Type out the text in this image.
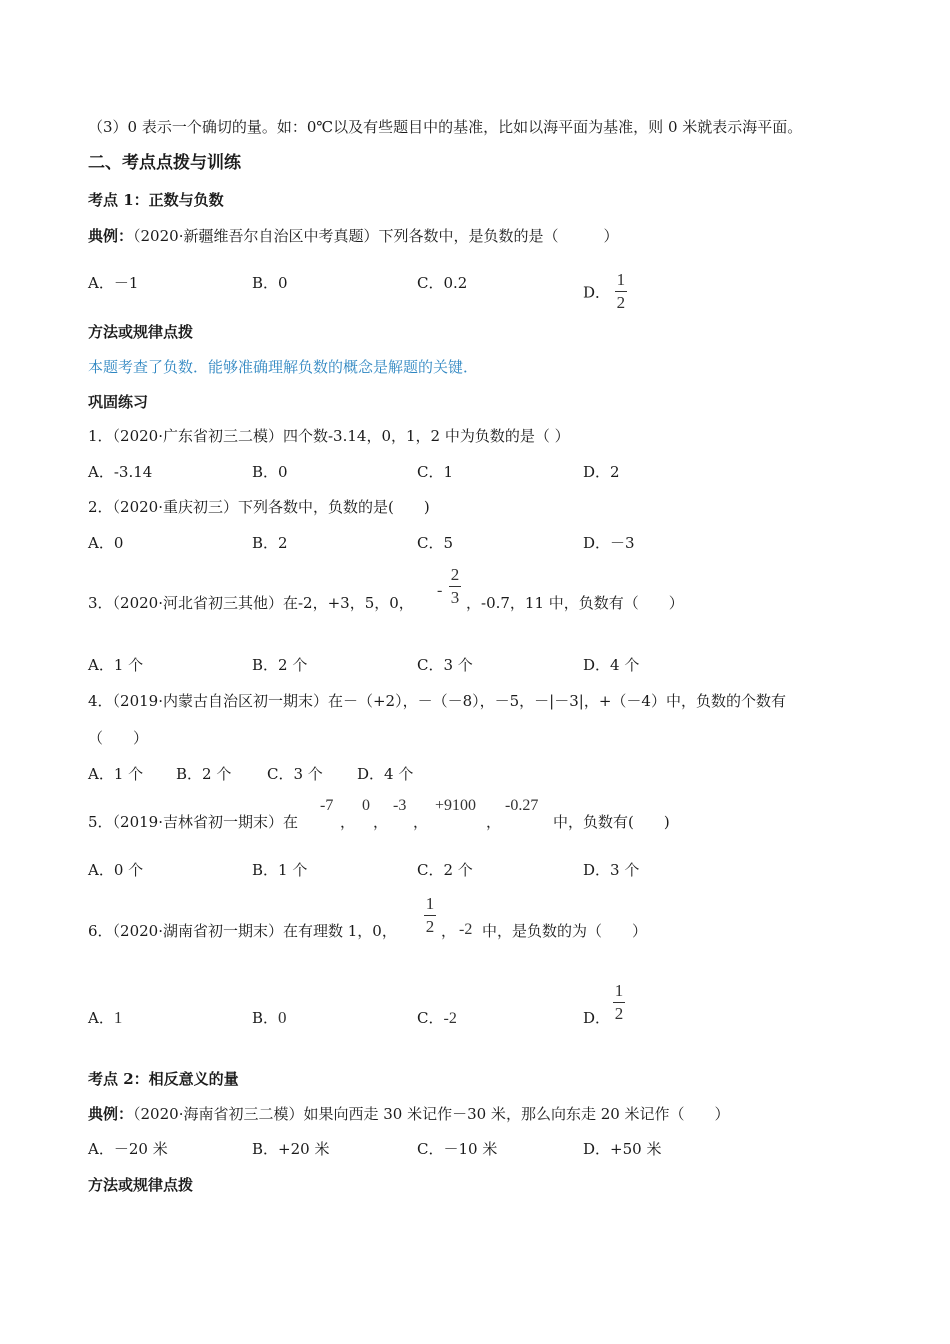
（3）0 表示一个确切的量。如：0℃以及有些题目中的基准，比如以海平面为基准，则 0 米就表示海平面。
二、考点点拨与训练
考点 1：正数与负数
典例：（2020·新疆维吾尔自治区中考真题）下列各数中，是负数的是（　　　）
A．－1	B．0	C．0.2
D． $\frac{1}{2}$
方法或规律点拨
本题考查了负数．能够准确理解负数的概念是解题的关键．
巩固练习
1．（2020·广东省初三二模）四个数-3.14，0，1，2 中为负数的是（ ）
A．-3.14	B．0	C．1	D．2
2．（2020·重庆初三）下列各数中，负数的是(　　)
A．0	B．2	C．5	D．－3
3．（2020·河北省初三其他）在-2，+3，5，0，
-
2
3 ，-0.7，11 中，负数有（　　）
A．1 个	B．2 个	C．3 个	D．4 个
4．（2019·内蒙古自治区初一期末）在－（+2），－（－8），－5，－|－3|，+（－4）中，负数的个数有
（　　）
A．1 个 B．2 个 C．3 个 D．4 个
5．（2019·吉林省初一期末）在
-7
，
0
，
-3
，
+9100
，
-0.27
中，负数有(　　)
A．0 个	B．1 个	C．2 个	D．3 个
6．（2020·湖南省初一期末）在有理数 1，0，
1
2 ， -2 中，是负数的为（　　）
A．1	B．0	C．-2	D．
1
2
考点 2：相反意义的量
典例：（2020·海南省初三二模）如果向西走 30 米记作－30 米，那么向东走 20 米记作（　　）
A．－20 米	B．+20 米	C．－10 米	D．+50 米
方法或规律点拨
